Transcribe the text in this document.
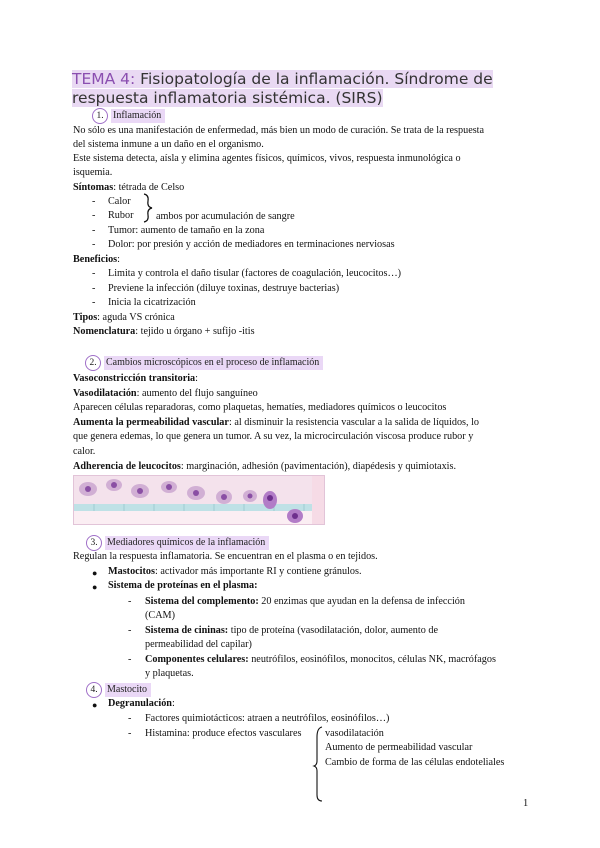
TEMA 4: Fisiopatología de la inflamación. Síndrome de
respuesta inflamatoria sistémica. (SIRS)
1. Inflamación
No sólo es una manifestación de enfermedad, más bien un modo de curación. Se trata de la respuesta
del sistema inmune a un daño en el organismo.
Este sistema detecta, aísla y elimina agentes físicos, químicos, vivos, respuesta inmunológica o
isquemia.
Síntomas: tétrada de Celso
- Calor
- Rubor ambos por acumulación de sangre
- Tumor: aumento de tamaño en la zona
- Dolor: por presión y acción de mediadores en terminaciones nerviosas
Beneficios:
- Limita y controla el daño tisular (factores de coagulación, leucocitos…)
- Previene la infección (diluye toxinas, destruye bacterias)
- Inicia la cicatrización
Tipos: aguda VS crónica
Nomenclatura: tejido u órgano + sufijo -itis
2. Cambios microscópicos en el proceso de inflamación
Vasoconstricción transitoria:
Vasodilatación: aumento del flujo sanguíneo
Aparecen células reparadoras, como plaquetas, hematíes, mediadores químicos o leucocitos
Aumenta la permeabilidad vascular: al disminuir la resistencia vascular a la salida de líquidos, lo
que genera edemas, lo que genera un tumor. A su vez, la microcirculación viscosa produce rubor y
calor.
Adherencia de leucocitos: marginación, adhesión (pavimentación), diapédesis y quimiotaxis.
3. Mediadores químicos de la inflamación
Regulan la respuesta inflamatoria. Se encuentran en el plasma o en tejidos.
● Mastocitos: activador más importante RI y contiene gránulos.
● Sistema de proteínas en el plasma:
- Sistema del complemento: 20 enzimas que ayudan en la defensa de infección
(CAM)
- Sistema de cininas: tipo de proteína (vasodilatación, dolor, aumento de
permeabilidad del capilar)
- Componentes celulares: neutrófilos, eosinófilos, monocitos, células NK, macrófagos
y plaquetas.
4. Mastocito
● Degranulación:
- Factores quimiotácticos: atraen a neutrófilos, eosinófilos…)
- Histamina: produce efectos vasculares vasodilatación
Aumento de permeabilidad vascular
Cambio de forma de las células endoteliales
1
